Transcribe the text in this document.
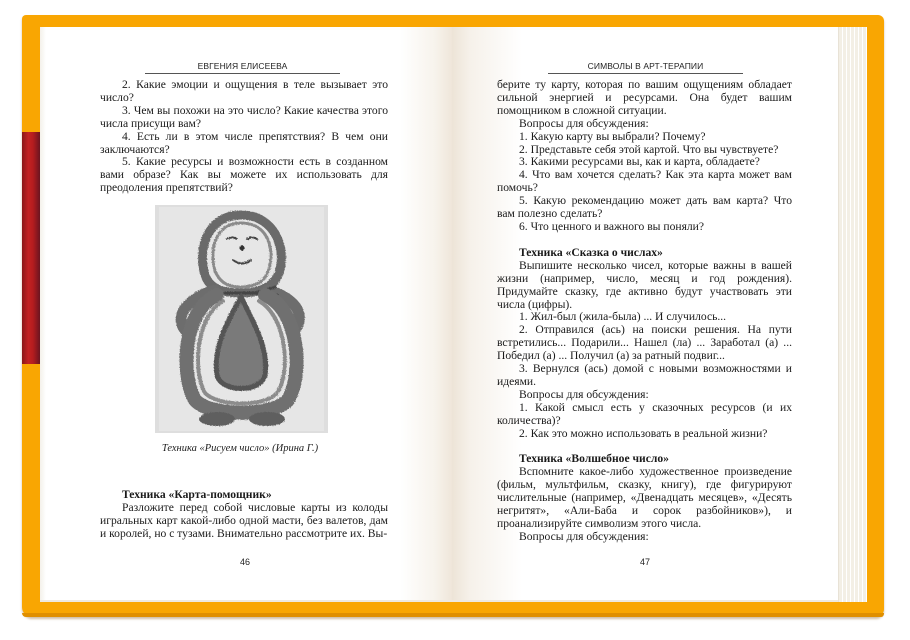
ЕВГЕНИЯ ЕЛИСЕЕВА

2. Какие эмоции и ощущения в теле вызывает это число?

3. Чем вы похожи на это число? Какие качества этого числа присущи вам?

4. Есть ли в этом числе препятствия? В чем они заключаются?

5. Какие ресурсы и возможности есть в созданном вами образе? Как вы можете их использовать для преодоления препятствий?

Техника «Рисуем число» (Ирина Г.)

Техника «Карта-помощник»

Разложите перед собой числовые карты из колоды игральных карт какой-либо одной масти, без валетов, дам и королей, но с тузами. Внимательно рассмотрите их. Вы-

46
СИМВОЛЫ В АРТ-ТЕРАПИИ

берите ту карту, которая по вашим ощущениям обладает сильной энергией и ресурсами. Она будет вашим помощником в сложной ситуации.

Вопросы для обсуждения:

1. Какую карту вы выбрали? Почему?

2. Представьте себя этой картой. Что вы чувствуете?

3. Какими ресурсами вы, как и карта, обладаете?

4. Что вам хочется сделать? Как эта карта может вам помочь?

5. Какую рекомендацию может дать вам карта? Что вам полезно сделать?

6. Что ценного и важного вы поняли?

Техника «Сказка о числах»

Выпишите несколько чисел, которые важны в вашей жизни (например, число, месяц и год рождения). Придумайте сказку, где активно будут участвовать эти числа (цифры).

1. Жил-был (жила-была) ... И случилось...

2. Отправился (ась) на поиски решения. На пути встретились... Подарили... Нашел (ла) ... Заработал (а) ... Победил (а) ... Получил (а) за ратный подвиг...

3. Вернулся (ась) домой с новыми возможностями и идеями.

Вопросы для обсуждения:

1. Какой смысл есть у сказочных ресурсов (и их количества)?

2. Как это можно использовать в реальной жизни?

Техника «Волшебное число»

Вспомните какое-либо художественное произведение (фильм, мультфильм, сказку, книгу), где фигурируют числительные (например, «Двенадцать месяцев», «Десять негритят», «Али-Баба и сорок разбойников»), и проанализируйте символизм этого числа.

Вопросы для обсуждения:

47
